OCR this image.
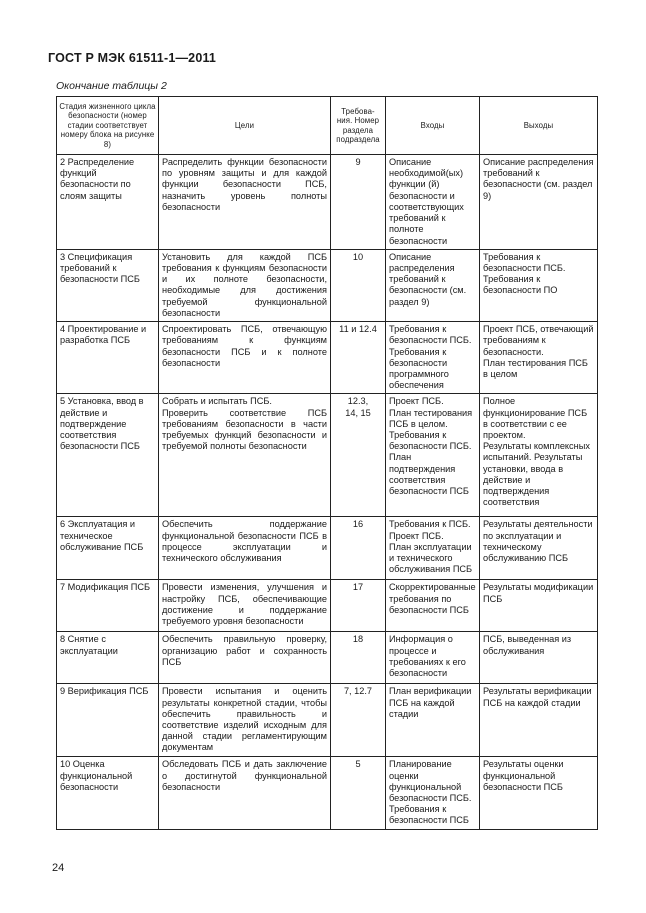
ГОСТ Р МЭК 61511-1—2011
Окончание таблицы 2
Стадия жизненного цикла безопасности (номер стадии соответствует номеру блока на рисунке 8)	Цели	Требова-
ния. Номер раздела подраздела	Входы	Выходы
2 Распределение функций безопасности по слоям защиты	Распределить функции безопасности по уровням защиты и для каждой функции безопасности ПСБ, назначить уровень полноты безопасности	9	Описание необходимой(ых) функции (й) безопасности и соответствующих требований к полноте безопасности	Описание распределения требований к безопасности (см. раздел 9)
3 Спецификация требований к безопасности ПСБ	Установить для каждой ПСБ требования к функциям безопасности и их полноте безопасности, необходимые для достижения требуемой функциональной безопасности	10	Описание распределения требований к безопасности (см. раздел 9)	Требования к безопасности ПСБ.
Требования к безопасности ПО
4 Проектирование и разработка ПСБ	Спроектировать ПСБ, отвечающую требованиям к функциям безопасности ПСБ и к полноте безопасности	11 и 12.4	Требования к безопасности ПСБ.
Требования к безопасности программного обеспечения	Проект ПСБ, отвечающий требованиям к безопасности.
План тестирования ПСБ в целом
5 Установка, ввод в действие и подтверждение соответствия безопасности ПСБ	Собрать и испытать ПСБ.
Проверить соответствие ПСБ требованиям безопасности в части требуемых функций безопасности и требуемой полноты безопасности	12.3,
14, 15	Проект ПСБ.
План тестирования ПСБ в целом. Требования к безопасности ПСБ.
План подтверждения соответствия безопасности ПСБ	Полное функционирование ПСБ в соответствии с ее проектом.
Результаты комплексных испытаний. Результаты установки, ввода в действие и подтверждения соответствия
6 Эксплуатация и техническое обслуживание ПСБ	Обеспечить поддержание функциональной безопасности ПСБ в процессе эксплуатации и технического обслуживания	16	Требования к ПСБ. Проект ПСБ.
План эксплуатации и технического обслуживания ПСБ	Результаты деятельности по эксплуатации и техническому обслуживанию ПСБ
7 Модификация ПСБ	Провести изменения, улучшения и настройку ПСБ, обеспечивающие достижение и поддержание требуемого уровня безопасности	17	Скорректированные требования по безопасности ПСБ	Результаты модификации ПСБ
8 Снятие с эксплуатации	Обеспечить правильную проверку, организацию работ и сохранность ПСБ	18	Информация о процессе и требованиях к его безопасности	ПСБ, выведенная из обслуживания
9 Верификация ПСБ	Провести испытания и оценить результаты конкретной стадии, чтобы обеспечить правильность и соответствие изделий исходным для данной стадии регламентирующим документам	7, 12.7	План верификации ПСБ на каждой стадии	Результаты верификации ПСБ на каждой стадии
10 Оценка функциональной безопасности	Обследовать ПСБ и дать заключение о достигнутой функциональной безопасности	5	Планирование оценки функциональной безопасности ПСБ.
Требования к безопасности ПСБ	Результаты оценки функциональной безопасности ПСБ
24
